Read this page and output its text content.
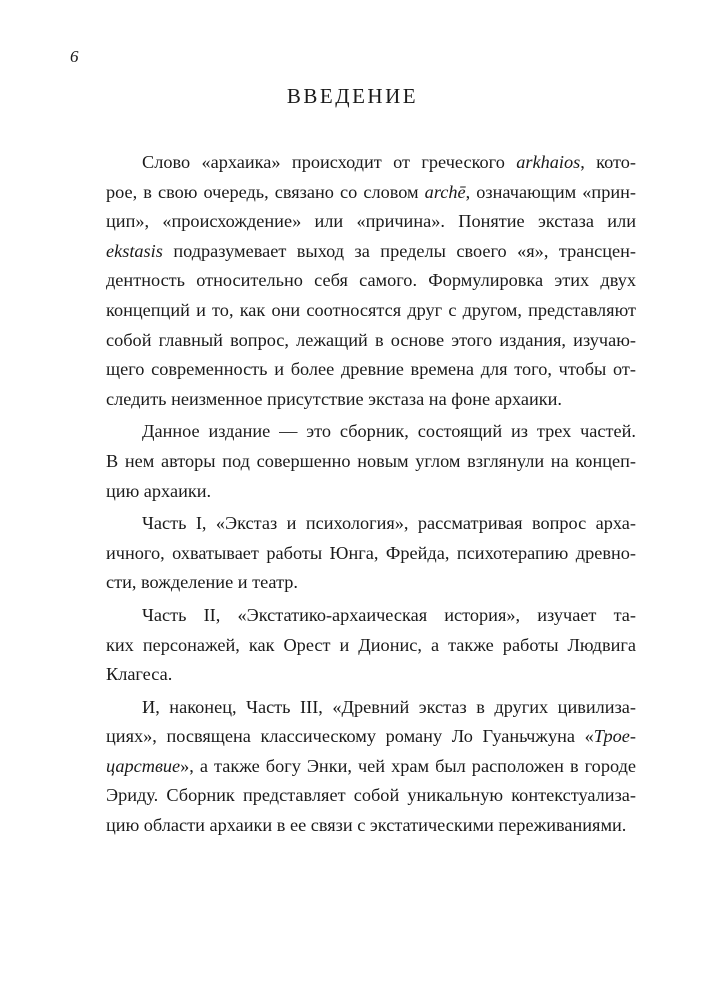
6

ВВЕДЕНИЕ
Слово «архаика» происходит от греческого arkhaios, кото-
рое, в свою очередь, связано со словом archē, означающим «прин-
цип», «происхождение» или «причина». Понятие экстаза или
ekstasis подразумевает выход за пределы своего «я», трансцен-
дентность относительно себя самого. Формулировка этих двух
концепций и то, как они соотносятся друг с другом, представляют
собой главный вопрос, лежащий в основе этого издания, изучаю-
щего современность и более древние времена для того, чтобы от-
следить неизменное присутствие экстаза на фоне архаики.
Данное издание — это сборник, состоящий из трех частей.
В нем авторы под совершенно новым углом взглянули на концеп-
цию архаики.
Часть I, «Экстаз и психология», рассматривая вопрос арха-
ичного, охватывает работы Юнга, Фрейда, психотерапию древно-
сти, вожделение и театр.
Часть II, «Экстатико-архаическая история», изучает та-
ких персонажей, как Орест и Дионис, а также работы Людвига
Клагеса.
И, наконец, Часть III, «Древний экстаз в других цивилиза-
циях», посвящена классическому роману Ло Гуаньчжуна «Трое-
царствие», а также богу Энки, чей храм был расположен в городе
Эриду. Сборник представляет собой уникальную контекстуализа-
цию области архаики в ее связи с экстатическими переживаниями.
